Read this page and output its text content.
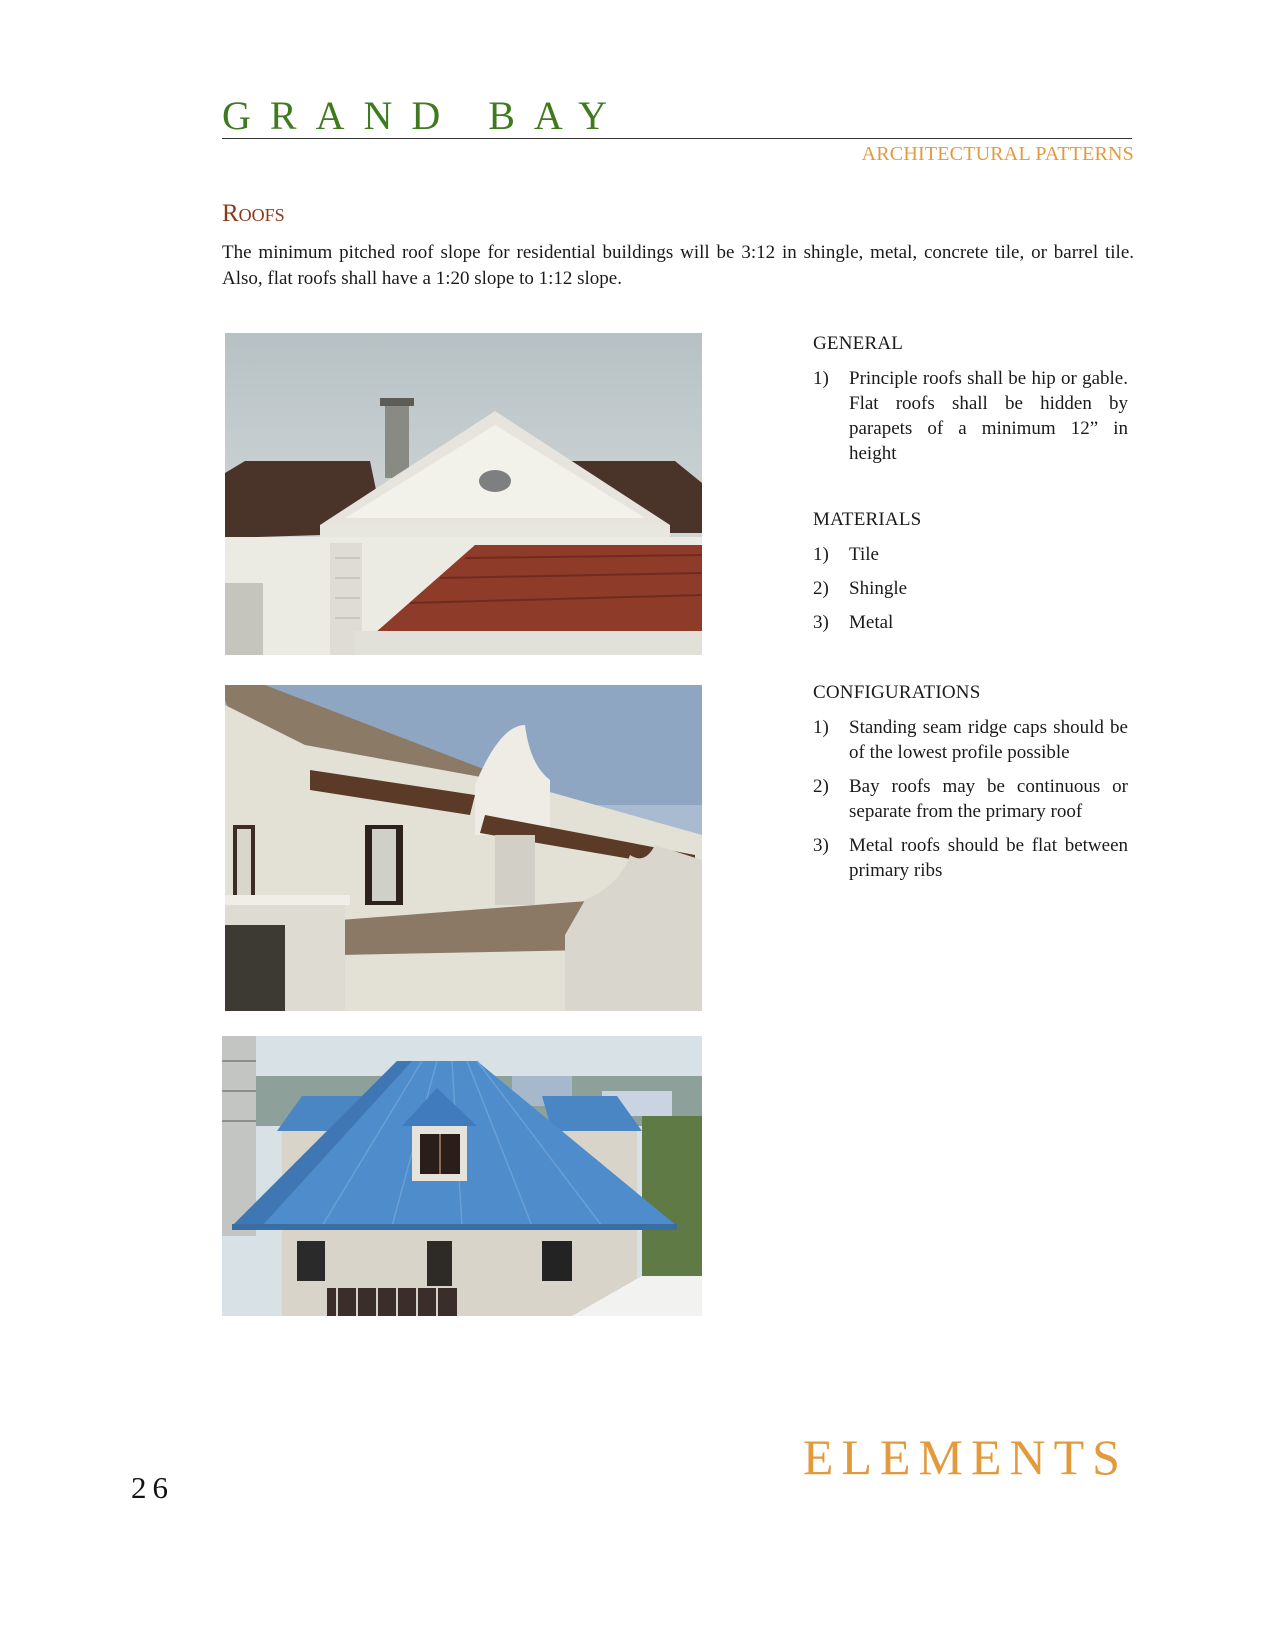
GRAND BAY
ARCHITECTURAL PATTERNS
Roofs
The minimum pitched roof slope for residential buildings will be 3:12 in shingle, metal, concrete tile, or barrel tile. Also, flat roofs shall have a 1:20 slope to 1:12 slope.
GENERAL
1)	Principle roofs shall be hip or gable. Flat roofs shall be hidden by parapets of a minimum 12” in height
MATERIALS
1)	Tile
2)	Shingle
3)	Metal
CONFIGURATIONS
1)	Standing seam ridge caps should be of the lowest profile possible
2)	Bay roofs may be continuous or separate from the primary roof
3)	Metal roofs should be flat between primary ribs
ELEMENTS
26
